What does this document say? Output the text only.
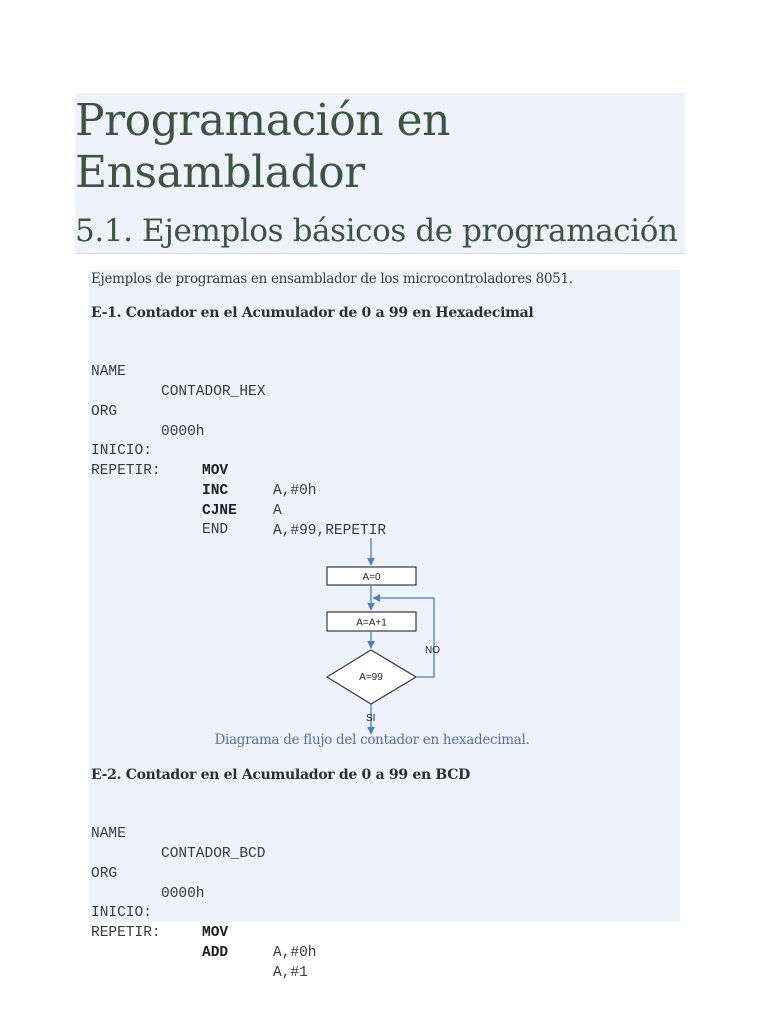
Programación en
Ensamblador
5.1. Ejemplos básicos de programación
Ejemplos de programas en ensamblador de los microcontroladores 8051.
E-1. Contador en el Acumulador de 0 a 99 en Hexadecimal

NAME

CONTADOR_HEX

ORG

0000h

INICIO:

MOV

A,#0h

REPETIR:

INC

A

CJNE

A,#99,REPETIR

END

A=0
A=A+1
A=99
NO
SI
Diagrama de flujo del contador en hexadecimal.
E-2. Contador en el Acumulador de 0 a 99 en BCD

NAME

CONTADOR_BCD

ORG

0000h

INICIO:

MOV

A,#0h

REPETIR:

ADD

A,#1
